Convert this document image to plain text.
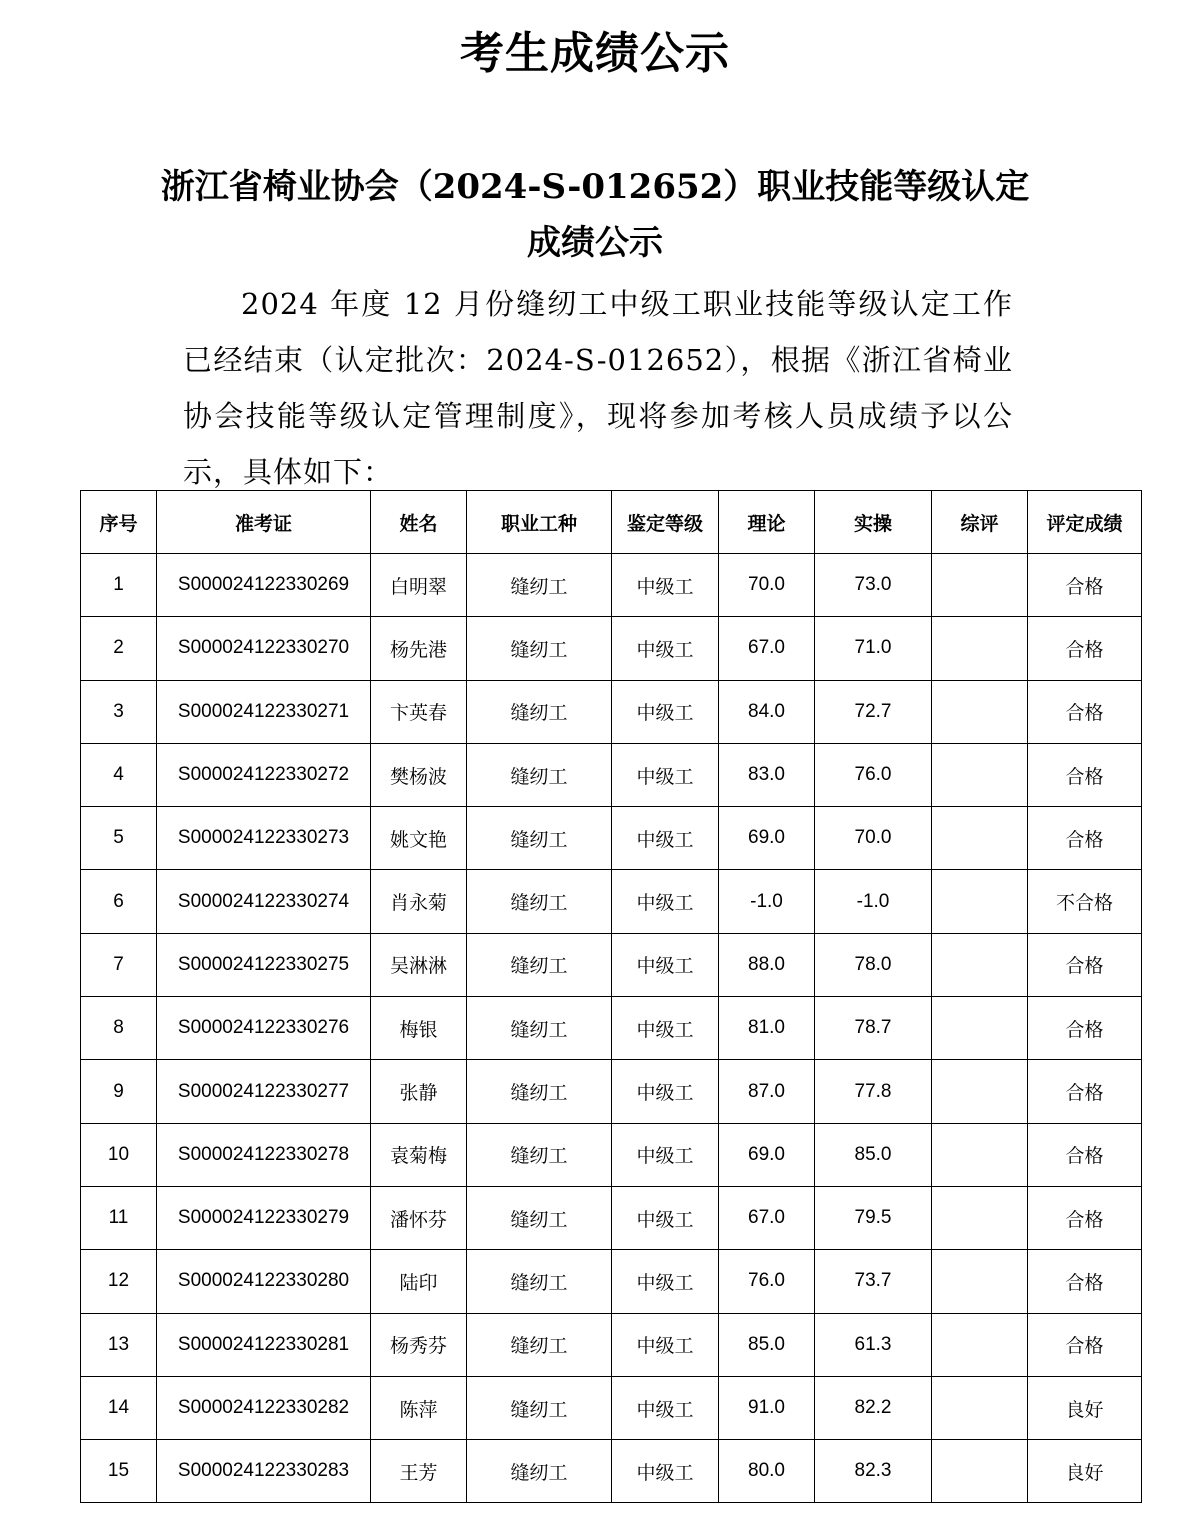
考生成绩公示
浙江省椅业协会（2024-S-012652）职业技能等级认定
成绩公示

2024 年度 12 月份缝纫工中级工职业技能等级认定工作已经结束（认定批次：2024-S-012652），根据《浙江省椅业协会技能等级认定管理制度》，现将参加考核人员成绩予以公示，具体如下：

序号	准考证	姓名	职业工种	鉴定等级	理论	实操	综评	评定成绩
1	S000024122330269	白明翠	缝纫工	中级工	70.0	73.0		合格
2	S000024122330270	杨先港	缝纫工	中级工	67.0	71.0		合格
3	S000024122330271	卞英春	缝纫工	中级工	84.0	72.7		合格
4	S000024122330272	樊杨波	缝纫工	中级工	83.0	76.0		合格
5	S000024122330273	姚文艳	缝纫工	中级工	69.0	70.0		合格
6	S000024122330274	肖永菊	缝纫工	中级工	-1.0	-1.0		不合格
7	S000024122330275	吴淋淋	缝纫工	中级工	88.0	78.0		合格
8	S000024122330276	梅银	缝纫工	中级工	81.0	78.7		合格
9	S000024122330277	张静	缝纫工	中级工	87.0	77.8		合格
10	S000024122330278	袁菊梅	缝纫工	中级工	69.0	85.0		合格
11	S000024122330279	潘怀芬	缝纫工	中级工	67.0	79.5		合格
12	S000024122330280	陆印	缝纫工	中级工	76.0	73.7		合格
13	S000024122330281	杨秀芬	缝纫工	中级工	85.0	61.3		合格
14	S000024122330282	陈萍	缝纫工	中级工	91.0	82.2		良好
15	S000024122330283	王芳	缝纫工	中级工	80.0	82.3		良好
